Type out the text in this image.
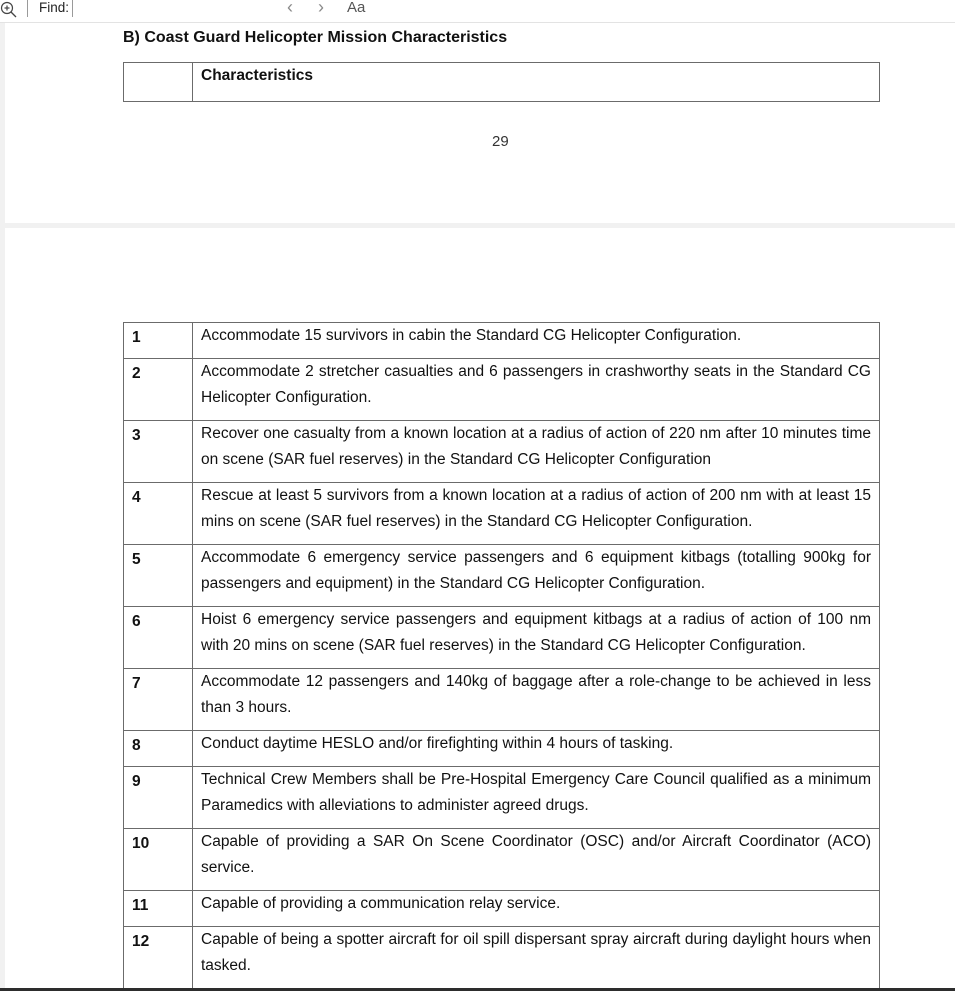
Find:	‹ › Aa
B) Coast Guard Helicopter Mission Characteristics
	Characteristics
29
1	Accommodate 15 survivors in cabin the Standard CG Helicopter Configuration.
2	Accommodate 2 stretcher casualties and 6 passengers in crashworthy seats in the Standard CG Helicopter Configuration.
3	Recover one casualty from a known location at a radius of action of 220 nm after 10 minutes time on scene (SAR fuel reserves) in the Standard CG Helicopter Configuration
4	Rescue at least 5 survivors from a known location at a radius of action of 200 nm with at least 15 mins on scene (SAR fuel reserves) in the Standard CG Helicopter Configuration.
5	Accommodate 6 emergency service passengers and 6 equipment kitbags (totalling 900kg for passengers and equipment) in the Standard CG Helicopter Configuration.
6	Hoist 6 emergency service passengers and equipment kitbags at a radius of action of 100 nm with 20 mins on scene (SAR fuel reserves) in the Standard CG Helicopter Configuration.
7	Accommodate 12 passengers and 140kg of baggage after a role-change to be achieved in less than 3 hours.
8	Conduct daytime HESLO and/or firefighting within 4 hours of tasking.
9	Technical Crew Members shall be Pre-Hospital Emergency Care Council qualified as a minimum Paramedics with alleviations to administer agreed drugs.
10	Capable of providing a SAR On Scene Coordinator (OSC) and/or Aircraft Coordinator (ACO) service.
11	Capable of providing a communication relay service.
12	Capable of being a spotter aircraft for oil spill dispersant spray aircraft during daylight hours when tasked.
